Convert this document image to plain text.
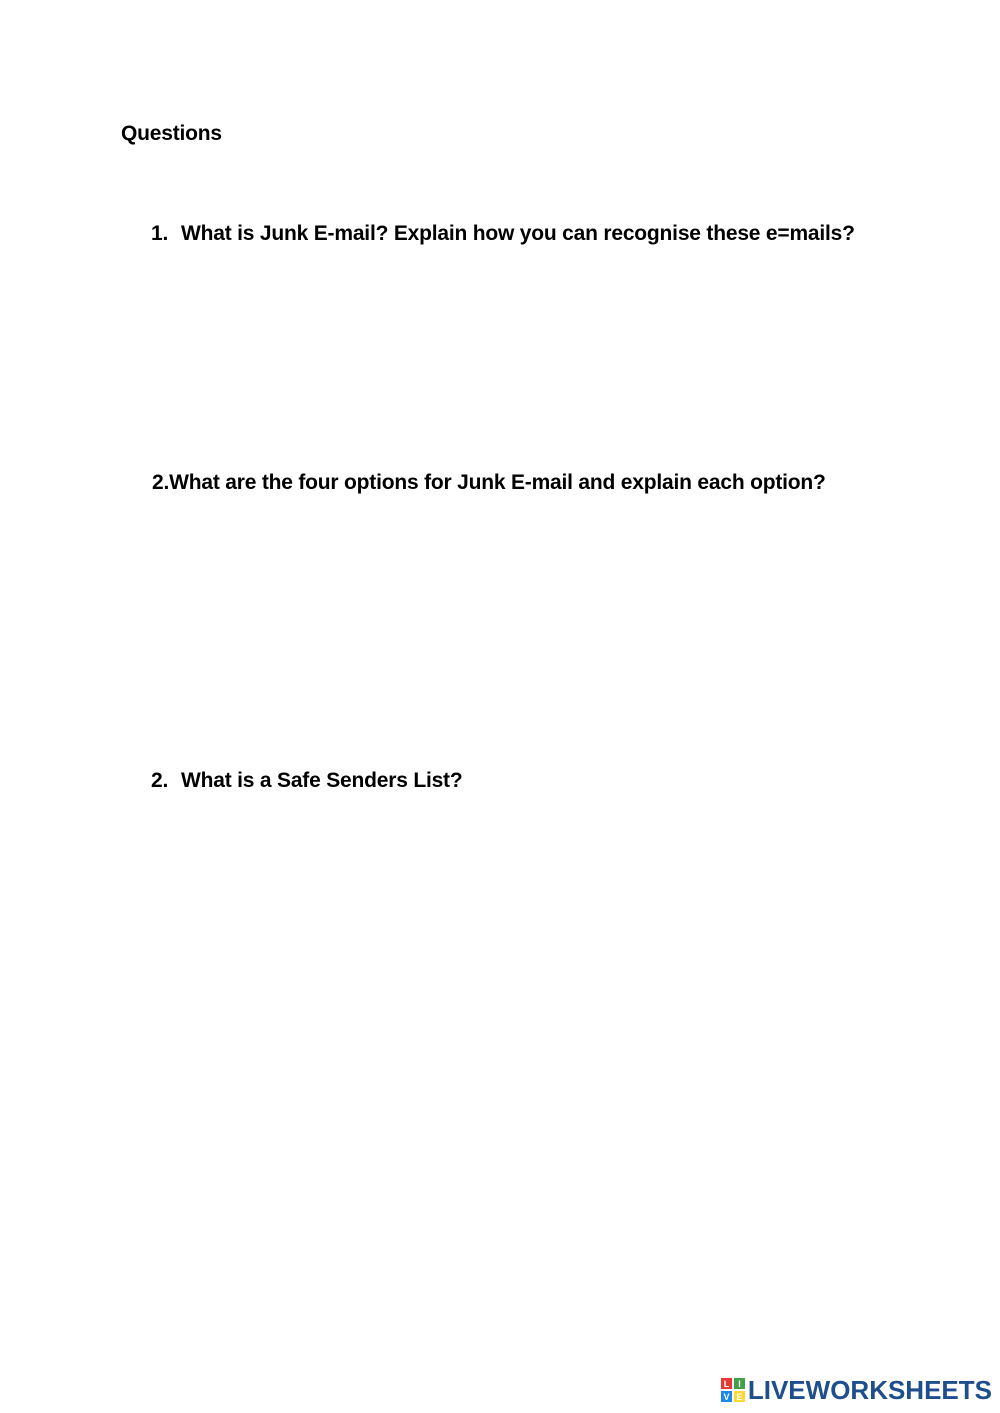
Questions
1. What is Junk E-mail? Explain how you can recognise these e=mails?
2.What are the four options for Junk E-mail and explain each option?
2. What is a Safe Senders List?
L I
V E LIVEWORKSHEETS
